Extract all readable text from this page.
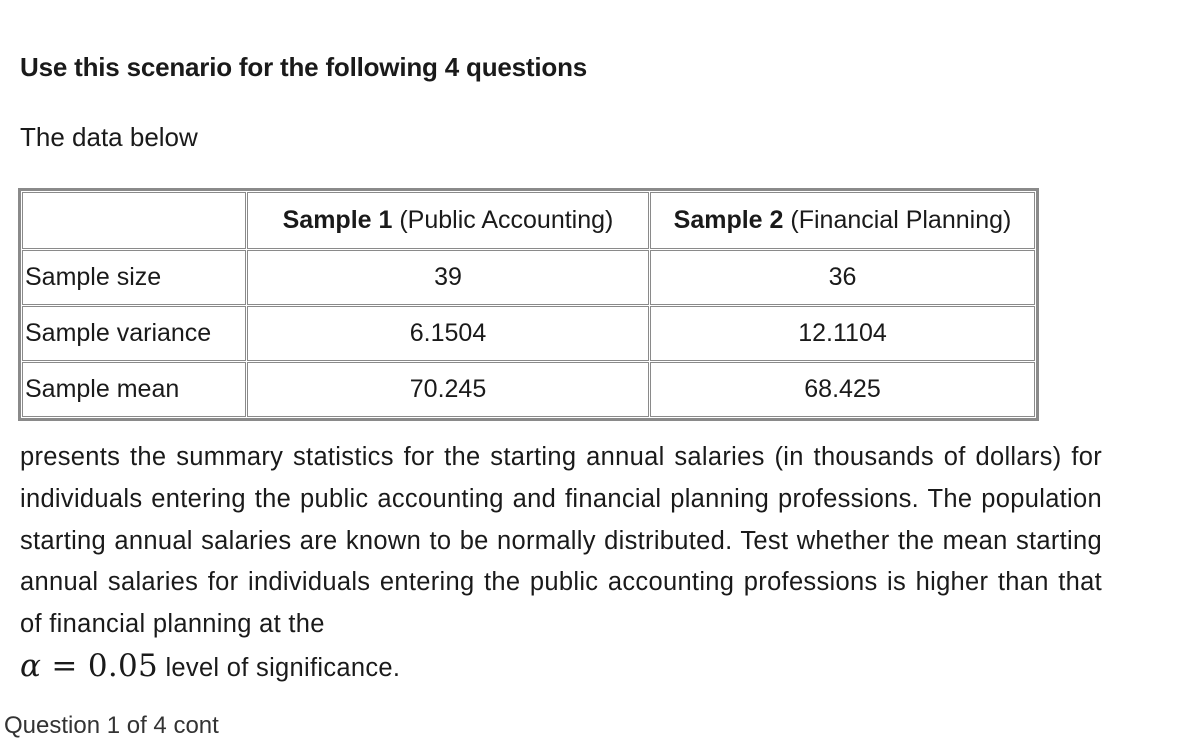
Use this scenario for the following 4 questions

The data below

	Sample 1 (Public Accounting)	Sample 2 (Financial Planning)
Sample size	39	36
Sample variance	6.1504	12.1104
Sample mean	70.245	68.425

presents the summary statistics for the starting annual salaries (in thousands of dollars) for individuals entering the public accounting and financial planning professions. The population starting annual salaries are known to be normally distributed. Test whether the mean starting annual salaries for individuals entering the public accounting professions is higher than that of financial planning at the
α = 0.05 level of significance.

Question 1 of 4 cont
